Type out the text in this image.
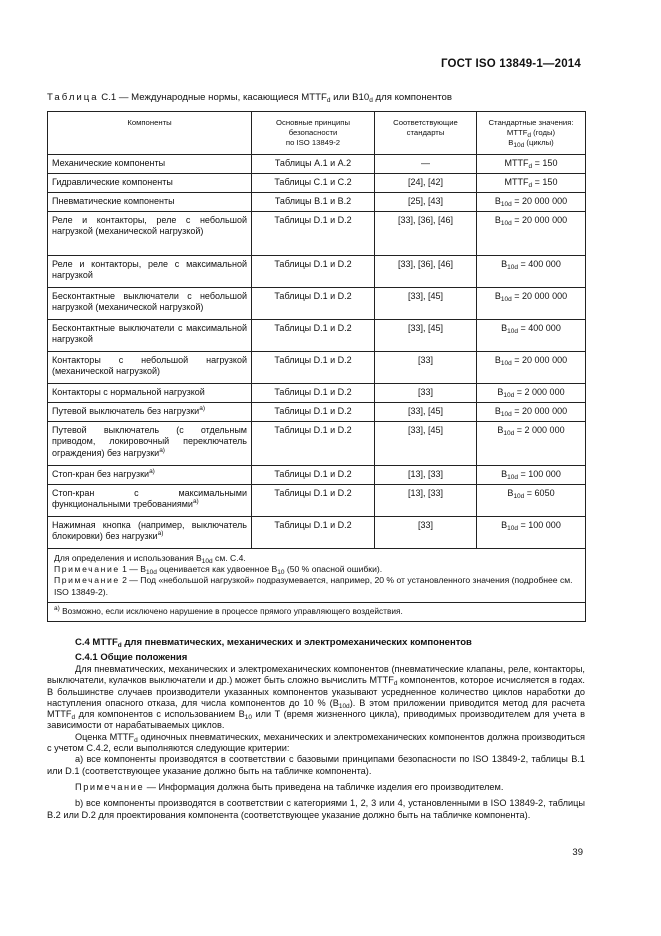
ГОСТ ISO 13849-1—2014
Таблица C.1 — Международные нормы, касающиеся $MTTF_d$ или $B10_d$ для компонентов
Компоненты	Основные принципы
безопасности
по ISO 13849-2	Соответствующие
стандарты	Стандартные значения:
$MTTF_d$ (годы)
$B_{10d}$ (циклы)
Механические компоненты	Таблицы A.1 и A.2	—	$MTTF_d = 150$
Гидравлические компоненты	Таблицы C.1 и C.2	[24], [42]	$MTTF_d = 150$
Пневматические компоненты	Таблицы B.1 и B.2	[25], [43]	$B_{10d} = 20$ 000 000
Реле и контакторы, реле с небольшой нагрузкой (механической нагрузкой)	Таблицы D.1 и D.2	[33], [36], [46]	$B_{10d} = 20$ 000 000
Реле и контакторы, реле с максимальной нагрузкой	Таблицы D.1 и D.2	[33], [36], [46]	$B_{10d} = 400$ 000
Бесконтактные выключатели с небольшой нагрузкой (механической нагрузкой)	Таблицы D.1 и D.2	[33], [45]	$B_{10d} = 20$ 000 000
Бесконтактные выключатели с максимальной нагрузкой	Таблицы D.1 и D.2	[33], [45]	$B_{10d} = 400$ 000
Контакторы с небольшой нагрузкой (механической нагрузкой)	Таблицы D.1 и D.2	[33]	$B_{10d} = 20$ 000 000
Контакторы с нормальной нагрузкой	Таблицы D.1 и D.2	[33]	$B_{10d} = 2$ 000 000
Путевой выключатель без нагрузки$^{a)}$	Таблицы D.1 и D.2	[33], [45]	$B_{10d} = 20$ 000 000
Путевой выключатель (с отдельным приводом, локировочный переключатель ограждения) без нагрузки$^{a)}$	Таблицы D.1 и D.2	[33], [45]	$B_{10d} = 2$ 000 000
Стоп-кран без нагрузки$^{a)}$	Таблицы D.1 и D.2	[13], [33]	$B_{10d} = 100$ 000
Стоп-кран с максимальными функциональными требованиями$^{a)}$	Таблицы D.1 и D.2	[13], [33]	$B_{10d} = 6050$
Нажимная кнопка (например, выключатель блокировки) без нагрузки$^{a)}$	Таблицы D.1 и D.2	[33]	$B_{10d} = 100$ 000

Для определения и использования $B_{10d}$ см. С.4.

Примечание 1 — $B_{10d}$ оценивается как удвоенное $B_{10}$ (50 % опасной ошибки).

Примечание 2 — Под «небольшой нагрузкой» подразумевается, например, 20 % от установленного значения (подробнее см. ISO 13849-2).			

$^{a)}$ Возможно, если исключено нарушение в процессе прямого управляющего воздействия.			
C.4 $MTTF_d$ для пневматических, механических и электромеханических компонентов
C.4.1 Общие положения

Для пневматических, механических и электромеханических компонентов (пневматические клапаны, реле, контакторы, выключатели, кулачков выключатели и др.) может быть сложно вычислить $MTTF_d$ компонентов, которое исчисляется в годах. В большинстве случаев производители указанных компонентов указывают усредненное количество циклов наработки до наступления опасного отказа, для числа компонентов до 10 % $(B_{10d})$. В этом приложении приводится метод для расчета $MTTF_d$ для компонентов с использованием $B_{10}$ или T (время жизненного цикла), приводимых производителем для учета в зависимости от нарабатываемых циклов.

Оценка $MTTF_d$ одиночных пневматических, механических и электромеханических компонентов должна производиться с учетом C.4.2, если выполняются следующие критерии:

a) все компоненты производятся в соответствии с базовыми принципами безопасности по ISO 13849-2, таблицы B.1 или D.1 (соответствующее указание должно быть на табличке компонента).

Примечание — Информация должна быть приведена на табличке изделия его производителем.

b) все компоненты производятся в соответствии с категориями 1, 2, 3 или 4, установленными в ISO 13849-2, таблицы B.2 или D.2 для проектирования компонента (соответствующее указание должно быть на табличке компонента).

39
